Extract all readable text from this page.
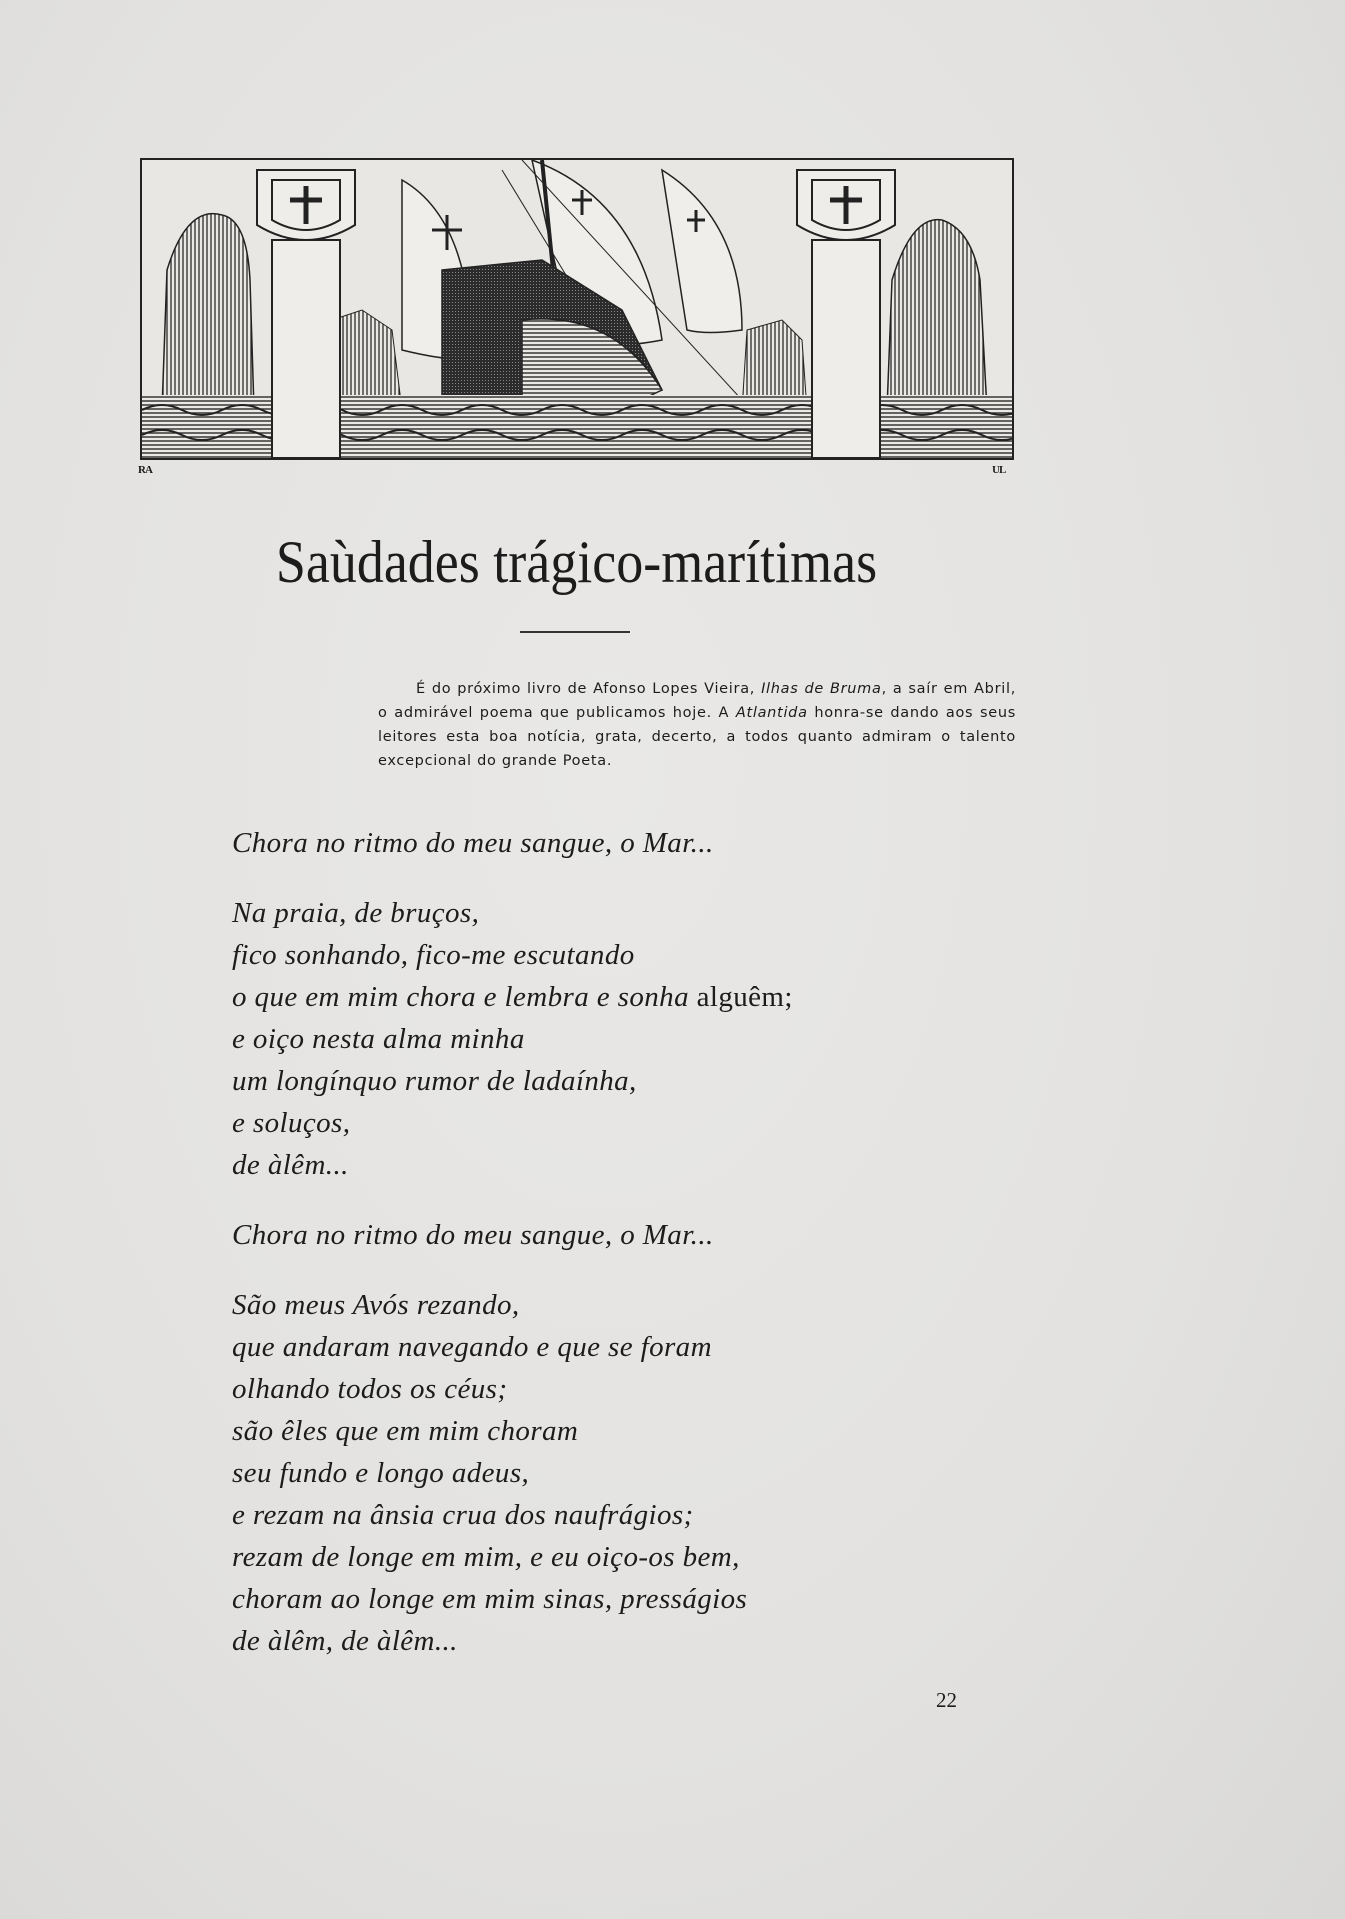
RA	UL
Saùdades trágico-marítimas

É do próximo livro de Afonso Lopes Vieira, Ilhas de Bruma, a saír em Abril, o admirável poema que publicamos hoje. A Atlantida honra-se dando aos seus leitores esta boa notícia, grata, decerto, a todos quanto admiram o talento excepcional do grande Poeta.

Chora no ritmo do meu sangue, o Mar...
Na praia, de bruços,
fico sonhando, fico-me escutando
o que em mim chora e lembra e sonha alguêm;
e oiço nesta alma minha
um longínquo rumor de ladaínha,
e soluços,
de àlêm...
Chora no ritmo do meu sangue, o Mar...
São meus Avós rezando,
que andaram navegando e que se foram
olhando todos os céus;
são êles que em mim choram
seu fundo e longo adeus,
e rezam na ânsia crua dos naufrágios;
rezam de longe em mim, e eu oiço-os bem,
choram ao longe em mim sinas, presságios
de àlêm, de àlêm...
22
